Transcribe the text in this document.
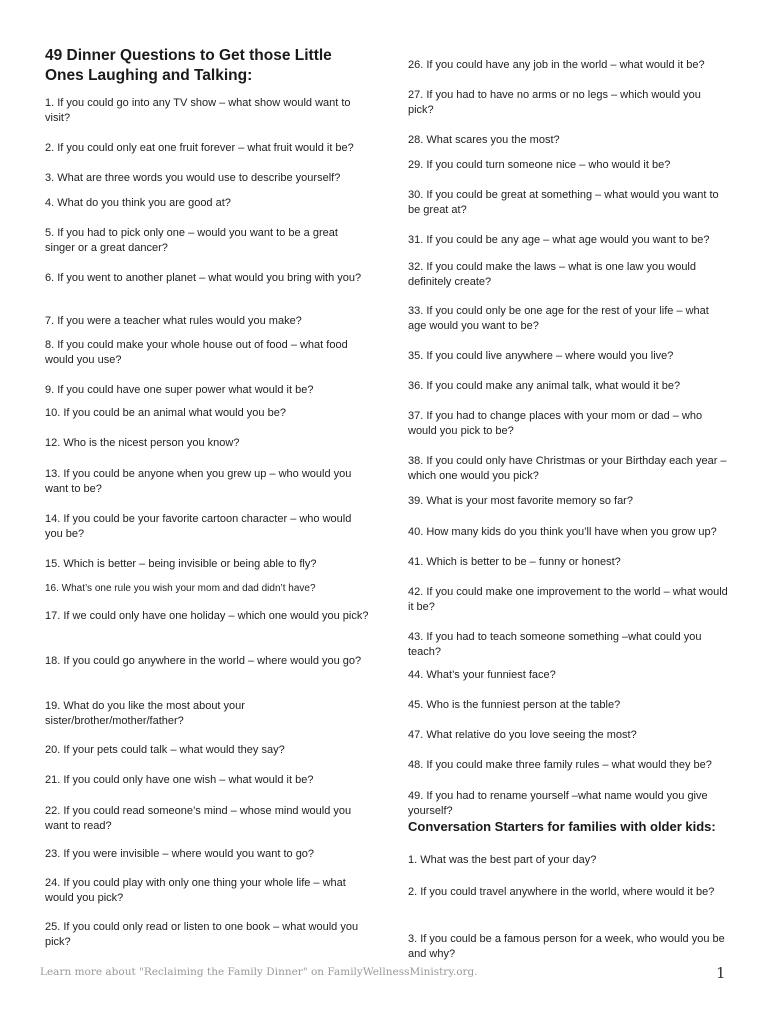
49 Dinner Questions to Get those Little Ones Laughing and Talking:
1. If you could go into any TV show – what show would want to visit?
2. If you could only eat one fruit forever – what fruit would it be?
3. What are three words you would use to describe yourself?
4. What do you think you are good at?
5. If you had to pick only one – would you want to be a great singer or a great dancer?
6. If you went to another planet – what would you bring with you?
7. If you were a teacher what rules would you make?
8. If you could make your whole house out of food – what food would you use?
9. If you could have one super power what would it be?
10. If you could be an animal what would you be?
12. Who is the nicest person you know?
13. If you could be anyone when you grew up – who would you want to be?
14. If you could be your favorite cartoon character – who would you be?
15. Which is better – being invisible or being able to fly?
16. What’s one rule you wish your mom and dad didn’t have?
17. If we could only have one holiday – which one would you pick?
18. If you could go anywhere in the world – where would you go?
19. What do you like the most about your sister/brother/mother/father?
20. If your pets could talk – what would they say?
21. If you could only have one wish – what would it be?
22. If you could read someone’s mind – whose mind would you want to read?
23. If you were invisible – where would you want to go?
24. If you could play with only one thing your whole life – what would you pick?
25. If you could only read or listen to one book – what would you pick?
26. If you could have any job in the world – what would it be?
27. If you had to have no arms or no legs – which would you pick?
28. What scares you the most?
29. If you could turn someone nice – who would it be?
30. If you could be great at something – what would you want to be great at?
31. If you could be any age – what age would you want to be?
32. If you could make the laws – what is one law you would definitely create?
33. If you could only be one age for the rest of your life – what age would you want to be?
35. If you could live anywhere – where would you live?
36. If you could make any animal talk, what would it be?
37. If you had to change places with your mom or dad – who would you pick to be?
38. If you could only have Christmas or your Birthday each year – which one would you pick?
39. What is your most favorite memory so far?
40. How many kids do you think you’ll have when you grow up?
41. Which is better to be – funny or honest?
42. If you could make one improvement to the world – what would it be?
43. If you had to teach someone something –what could you teach?
44. What’s your funniest face?
45. Who is the funniest person at the table?
47. What relative do you love seeing the most?
48. If you could make three family rules – what would they be?
49. If you had to rename yourself –what name would you give yourself?
Conversation Starters for families with older kids:
1. What was the best part of your day?
2. If you could travel anywhere in the world, where would it be?
3. If you could be a famous person for a week, who would you be and why?
Learn more about "Reclaiming the Family Dinner" on FamilyWellnessMinistry.org.	1
